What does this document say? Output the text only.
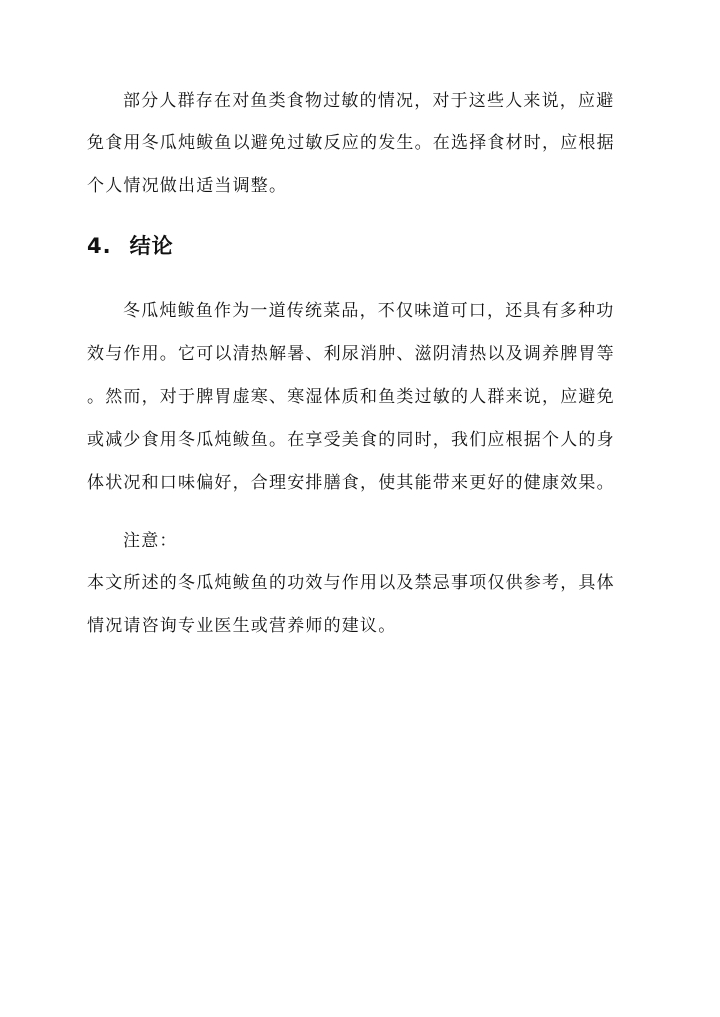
部分人群存在对鱼类食物过敏的情况，对于这些人来说，应避
免食用冬瓜炖鲅鱼以避免过敏反应的发生。在选择食材时，应根据
个人情况做出适当调整。
4. 结论
冬瓜炖鲅鱼作为一道传统菜品，不仅味道可口，还具有多种功
效与作用。它可以清热解暑、利尿消肿、滋阴清热以及调养脾胃等
。然而，对于脾胃虚寒、寒湿体质和鱼类过敏的人群来说，应避免
或减少食用冬瓜炖鲅鱼。在享受美食的同时，我们应根据个人的身
体状况和口味偏好，合理安排膳食，使其能带来更好的健康效果。
注意：
本文所述的冬瓜炖鲅鱼的功效与作用以及禁忌事项仅供参考，具体
情况请咨询专业医生或营养师的建议。
